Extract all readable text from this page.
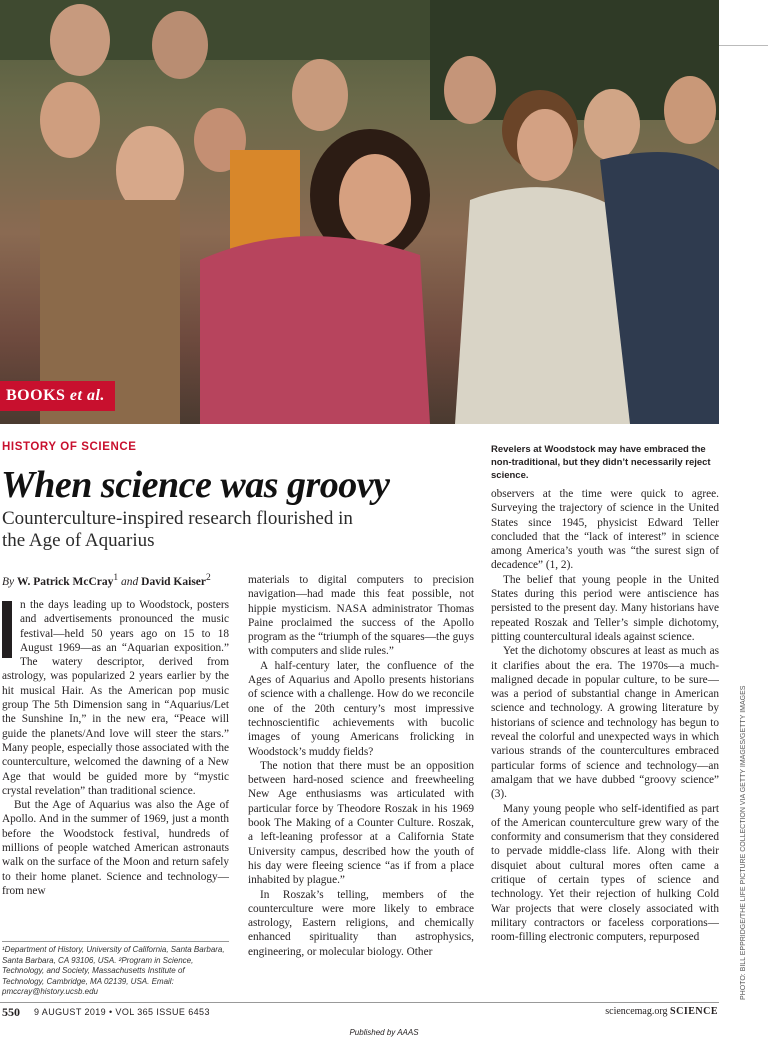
BOOKS et al.
PHOTO: BILL EPPRIDGE/THE LIFE PICTURE COLLECTION VIA GETTY IMAGES/GETTY IMAGES
HISTORY OF SCIENCE
When science was groovy
Counterculture-inspired research flourished in the Age of Aquarius
By W. Patrick McCray$^1$ and David Kaiser$^2$
Revelers at Woodstock may have embraced the non-traditional, but they didn’t necessarily reject science.

n the days leading up to Woodstock, posters and advertisements pronounced the music festival—held 50 years ago on 15 to 18 August 1969—as an “Aquarian exposition.” The watery descriptor, derived from astrology, was popularized 2 years earlier by the hit musical Hair. As the American pop music group The 5th Dimension sang in “Aquarius/Let the Sunshine In,” in the new era, “Peace will guide the planets/And love will steer the stars.” Many people, especially those associated with the counterculture, welcomed the dawning of a New Age that would be guided more by “mystic crystal revelation” than traditional science.

But the Age of Aquarius was also the Age of Apollo. And in the summer of 1969, just a month before the Woodstock festival, hundreds of millions of people watched American astronauts walk on the surface of the Moon and return safely to their home planet. Science and technology—from new

materials to digital computers to precision navigation—had made this feat possible, not hippie mysticism. NASA administrator Thomas Paine proclaimed the success of the Apollo program as the “triumph of the squares—the guys with computers and slide rules.”

A half-century later, the confluence of the Ages of Aquarius and Apollo presents historians of science with a challenge. How do we reconcile one of the 20th century’s most impressive technoscientific achievements with bucolic images of young Americans frolicking in Woodstock’s muddy fields?

The notion that there must be an opposition between hard-nosed science and freewheeling New Age enthusiasms was articulated with particular force by Theodore Roszak in his 1969 book The Making of a Counter Culture. Roszak, a left-leaning professor at a California State University campus, described how the youth of his day were fleeing science “as if from a place inhabited by plague.”

In Roszak’s telling, members of the counterculture were more likely to embrace astrology, Eastern religions, and chemically enhanced spirituality than astrophysics, engineering, or molecular biology. Other

observers at the time were quick to agree. Surveying the trajectory of science in the United States since 1945, physicist Edward Teller concluded that the “lack of interest” in science among America’s youth was “the surest sign of decadence” (1, 2).

The belief that young people in the United States during this period were antiscience has persisted to the present day. Many historians have repeated Roszak and Teller’s simple dichotomy, pitting countercultural ideals against science.

Yet the dichotomy obscures at least as much as it clarifies about the era. The 1970s—a much-maligned decade in popular culture, to be sure—was a period of substantial change in American science and technology. A growing literature by historians of science and technology has begun to reveal the colorful and unexpected ways in which various strands of the countercultures embraced particular forms of science and technology—an amalgam that we have dubbed “groovy science” (3).

Many young people who self-identified as part of the American counterculture grew wary of the conformity and consumerism that they considered to pervade middle-class life. Along with their disquiet about cultural mores often came a critique of certain types of science and technology. Yet their rejection of hulking Cold War projects that were closely associated with military contractors or faceless corporations—room-filling electronic computers, repurposed

¹Department of History, University of California, Santa Barbara, Santa Barbara, CA 93106, USA. ²Program in Science, Technology, and Society, Massachusetts Institute of Technology, Cambridge, MA 02139, USA. Email: pmccray@history.ucsb.edu
550 9 AUGUST 2019 • VOL 365 ISSUE 6453	sciencemag.org SCIENCE
Published by AAAS
